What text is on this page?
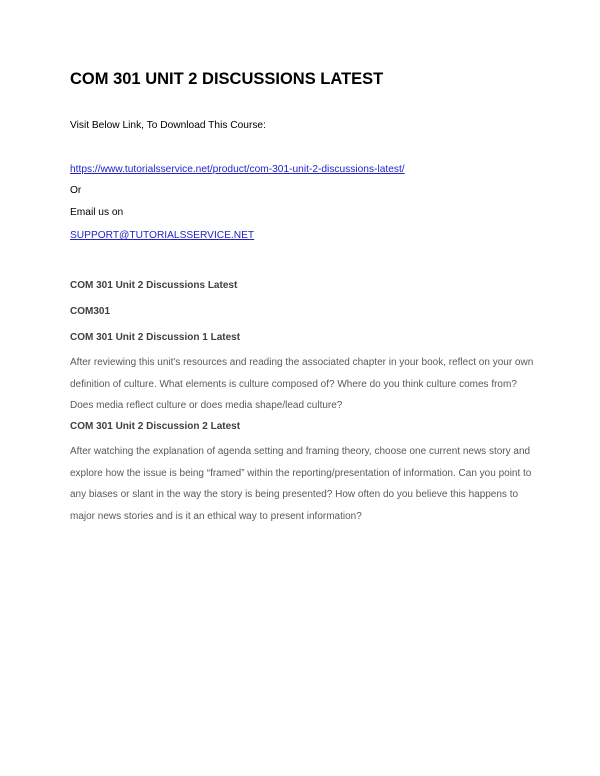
COM 301 UNIT 2 DISCUSSIONS LATEST
Visit Below Link, To Download This Course:
https://www.tutorialsservice.net/product/com-301-unit-2-discussions-latest/
Or
Email us on
SUPPORT@TUTORIALSSERVICE.NET
COM 301 Unit 2 Discussions Latest
COM301
COM 301 Unit 2 Discussion 1 Latest
After reviewing this unit's resources and reading the associated chapter in your book, reflect on your own definition of culture. What elements is culture composed of? Where do you think culture comes from? Does media reflect culture or does media shape/lead culture?
COM 301 Unit 2 Discussion 2 Latest
After watching the explanation of agenda setting and framing theory, choose one current news story and explore how the issue is being “framed” within the reporting/presentation of information. Can you point to any biases or slant in the way the story is being presented? How often do you believe this happens to major news stories and is it an ethical way to present information?
